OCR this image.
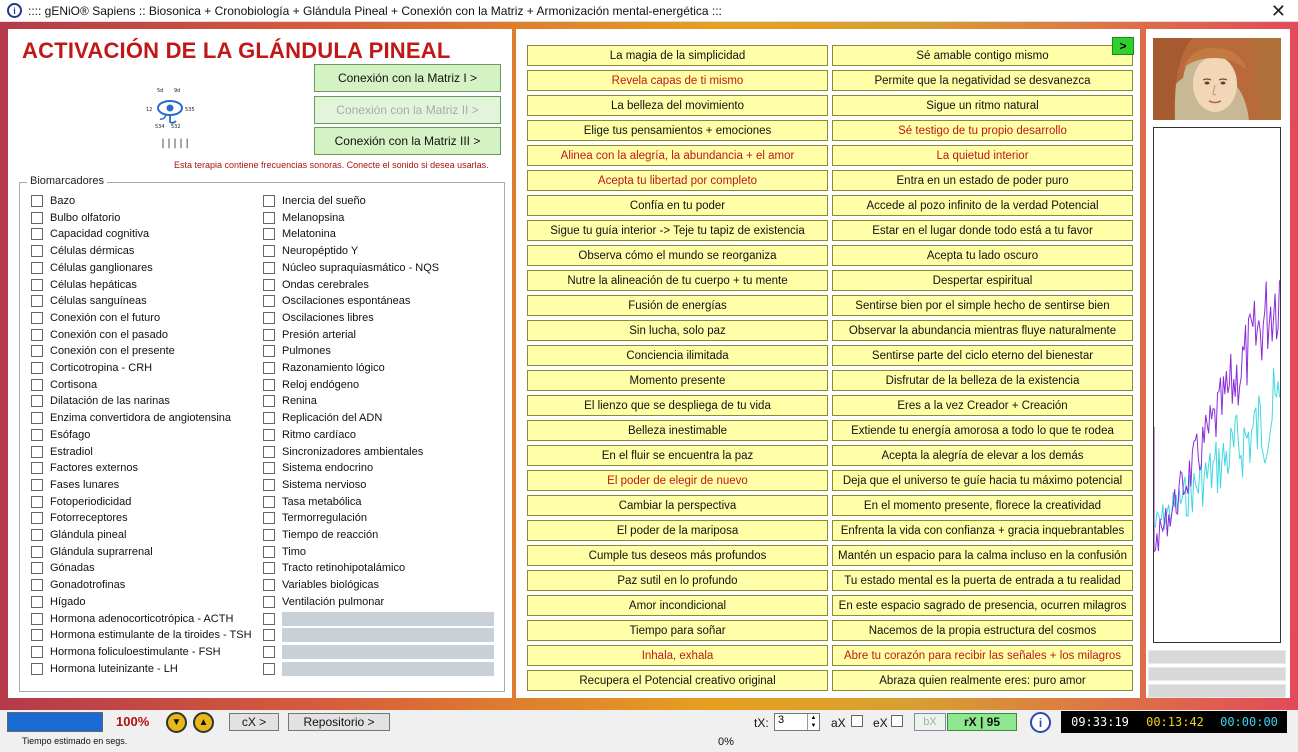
i	:::: gENiO® Sapiens :: Biosonica + Cronobiología + Glándula Pineal + Conexión con la Matriz + Armonización mental-energética :::	✕
ACTIVACIÓN DE LA GLÁNDULA PINEAL
5d 9d
12	535
534 532
|||||
Conexión con la Matriz I >
Conexión con la Matriz II >
Conexión con la Matriz III >
Esta terapia contiene frecuencias sonoras. Conecte el sonido si desea usarlas.
Biomarcadores
Bazo
Bulbo olfatorio
Capacidad cognitiva
Células dérmicas
Células ganglionares
Células hepáticas
Células sanguíneas
Conexión con el futuro
Conexión con el pasado
Conexión con el presente
Corticotropina - CRH
Cortisona
Dilatación de las narinas
Enzima convertidora de angiotensina
Esófago
Estradiol
Factores externos
Fases lunares
Fotoperiodicidad
Fotorreceptores
Glándula pineal
Glándula suprarrenal
Gónadas
Gonadotrofinas
Hígado
Hormona adenocorticotrópica - ACTH
Hormona estimulante de la tiroides - TSH
Hormona foliculoestimulante - FSH
Hormona luteinizante - LH
Inercia del sueño
Melanopsina
Melatonina
Neuropéptido Y
Núcleo supraquiasmático - NQS
Ondas cerebrales
Oscilaciones espontáneas
Oscilaciones libres
Presión arterial
Pulmones
Razonamiento lógico
Reloj endógeno
Renina
Replicación del ADN
Ritmo cardíaco
Sincronizadores ambientales
Sistema endocrino
Sistema nervioso
Tasa metabólica
Termorregulación
Tiempo de reacción
Timo
Tracto retinohipotalámico
Variables biológicas
Ventilación pulmonar
La magia de la simplicidad
Revela capas de ti mismo
La belleza del movimiento
Elige tus pensamientos + emociones
Alinea con la alegría, la abundancia + el amor
Acepta tu libertad por completo
Confía en tu poder
Sigue tu guía interior -> Teje tu tapiz de existencia
Observa cómo el mundo se reorganiza
Nutre la alineación de tu cuerpo + tu mente
Fusión de energías
Sin lucha, solo paz
Conciencia ilimitada
Momento presente
El lienzo que se despliega de tu vida
Belleza inestimable
En el fluir se encuentra la paz
El poder de elegir de nuevo
Cambiar la perspectiva
El poder de la mariposa
Cumple tus deseos más profundos
Paz sutil en lo profundo
Amor incondicional
Tiempo para soñar
Inhala, exhala
Recupera el Potencial creativo original
Sé amable contigo mismo
Permite que la negatividad se desvanezca
Sigue un ritmo natural
Sé testigo de tu propio desarrollo
La quietud interior
Entra en un estado de poder puro
Accede al pozo infinito de la verdad Potencial
Estar en el lugar donde todo está a tu favor
Acepta tu lado oscuro
Despertar espiritual
Sentirse bien por el simple hecho de sentirse bien
Observar la abundancia mientras fluye naturalmente
Sentirse parte del ciclo eterno del bienestar
Disfrutar de la belleza de la existencia
Eres a la vez Creador + Creación
Extiende tu energía amorosa a todo lo que te rodea
Acepta la alegría de elevar a los demás
Deja que el universo te guíe hacia tu máximo potencial
En el momento presente, florece la creatividad
Enfrenta la vida con confianza + gracia inquebrantables
Mantén un espacio para la calma incluso en la confusión
Tu estado mental es la puerta de entrada a tu realidad
En este espacio sagrado de presencia, ocurren milagros
Nacemos de la propia estructura del cosmos
Abre tu corazón para recibir las señales + los milagros
Abraza quien realmente eres: puro amor
>
100% ▼ ▲	cX >	Repositorio >
Tiempo estimado en segs.	0%
tX: 3	▲
▼ aX eX	bX	rX | 95	i	09:33:19	00:13:42	00:00:00
